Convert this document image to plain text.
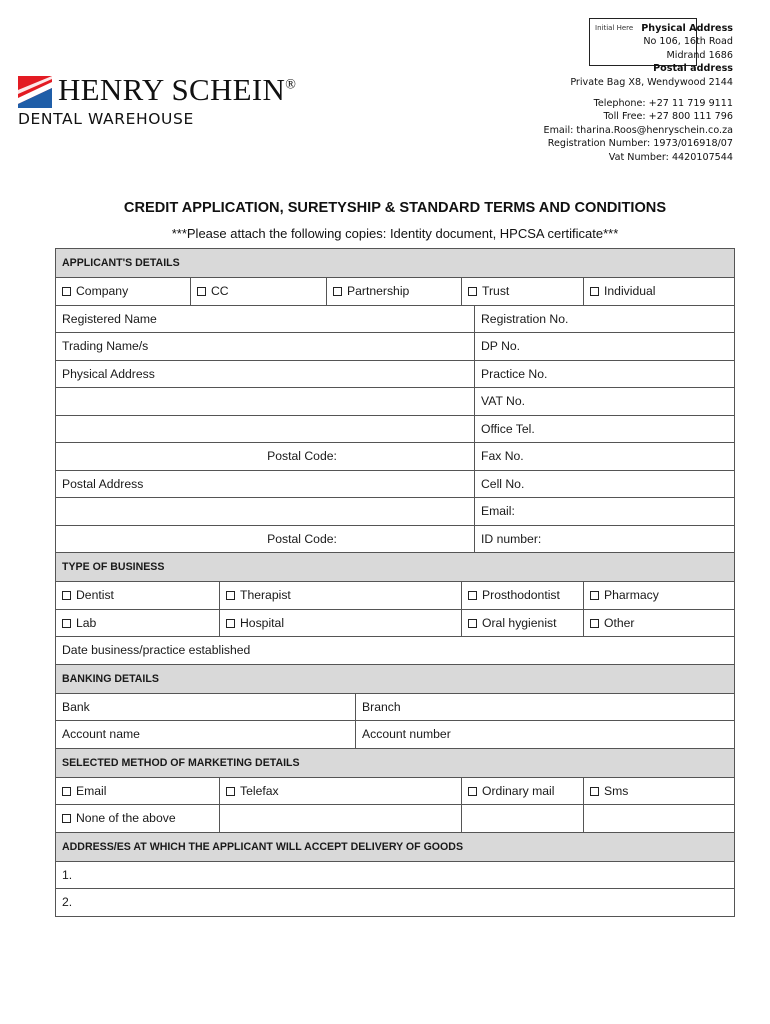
Initial Here Physical Address
No 106, 16th Road
Midrand 1686
Postal address
Private Bag X8, Wendywood 2144
Telephone: +27 11 719 9111
Toll Free: +27 800 111 796
Email: tharina.Roos@henryschein.co.za
Registration Number: 1973/016918/07
Vat Number: 4420107544
HENRY SCHEIN®
DENTAL WAREHOUSE
CREDIT APPLICATION, SURETYSHIP & STANDARD TERMS AND CONDITIONS
***Please attach the following copies: Identity document, HPCSA certificate***
APPLICANT'S DETAILS							
Company	CC		Partnership		Trust		Individual
Registered Name						Registration No.	
Trading Name/s						DP No.	
Physical Address						Practice No.	
						VAT No.	
						Office Tel.	
Postal Code:						Fax No.	
Postal Address						Cell No.	
						Email:	
Postal Code:						ID number:	
TYPE OF BUSINESS							
Dentist		Therapist			Prosthodontist		Pharmacy
Lab		Hospital			Oral hygienist		Other
Date business/practice established							
BANKING DETAILS							
Bank				Branch			
Account name				Account number			
SELECTED METHOD OF MARKETING DETAILS							
Email		Telefax			Ordinary mail		Sms
None of the above							
ADDRESS/ES AT WHICH THE APPLICANT WILL ACCEPT DELIVERY OF GOODS							
1.							
2.							
